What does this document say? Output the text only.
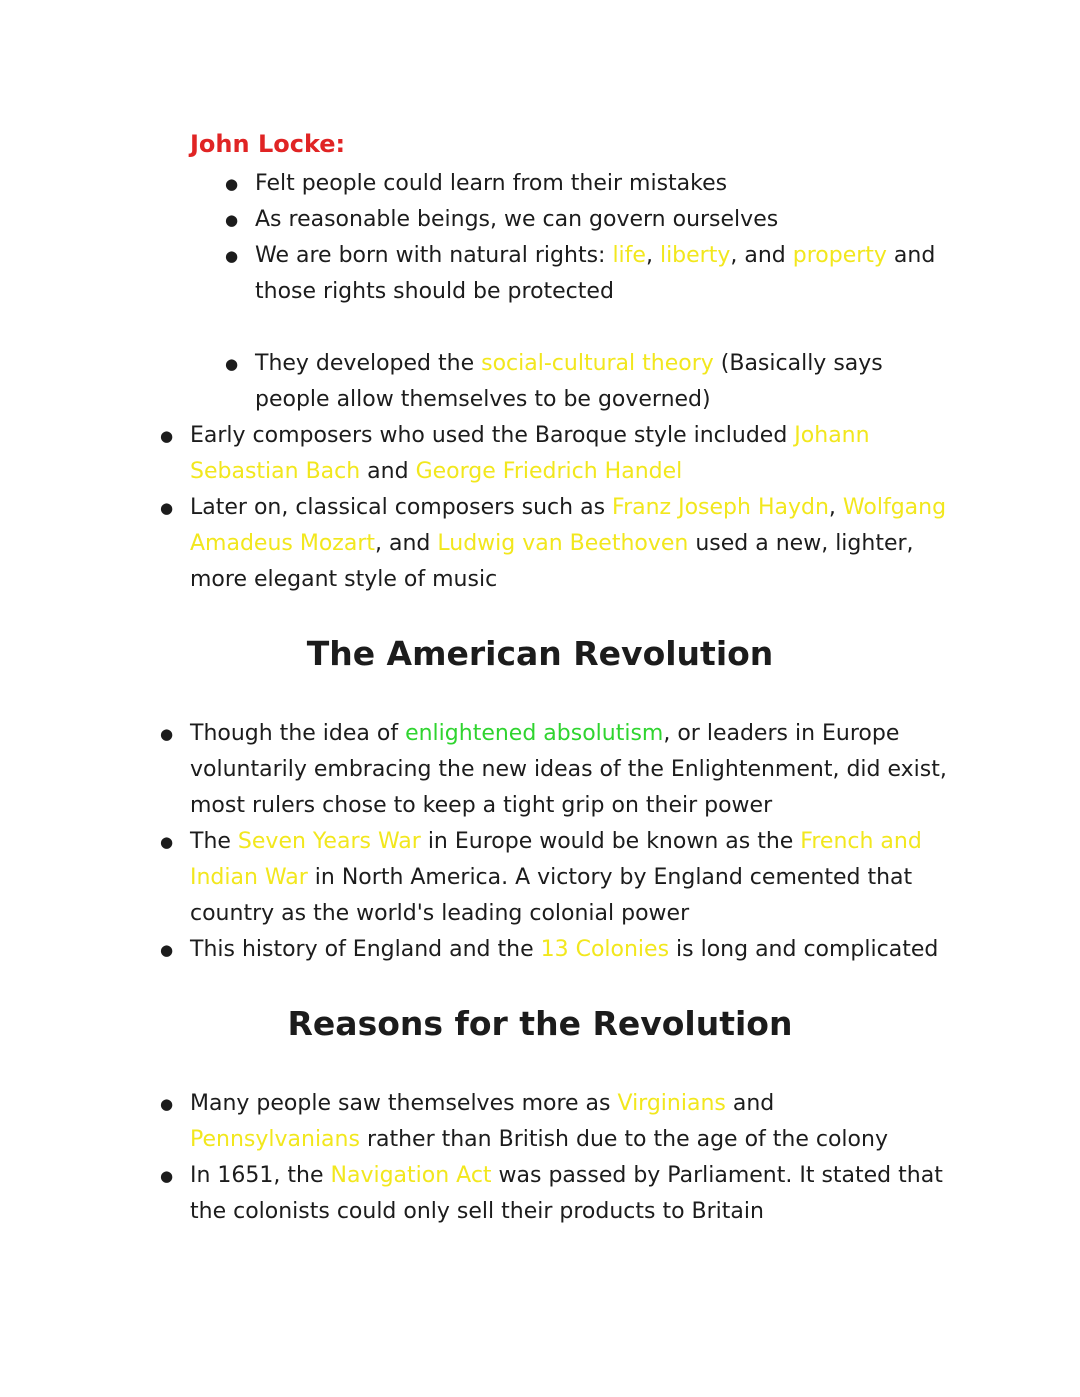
John Locke:
● Felt people could learn from their mistakes
● As reasonable beings, we can govern ourselves
● We are born with natural rights: life, liberty, and property and those rights should be protected
● They developed the social-cultural theory (Basically says people allow themselves to be governed)
● Early composers who used the Baroque style included Johann Sebastian Bach and George Friedrich Handel
● Later on, classical composers such as Franz Joseph Haydn, Wolfgang Amadeus Mozart, and Ludwig van Beethoven used a new, lighter, more elegant style of music
The American Revolution
● Though the idea of enlightened absolutism, or leaders in Europe voluntarily embracing the new ideas of the Enlightenment, did exist, most rulers chose to keep a tight grip on their power
● The Seven Years War in Europe would be known as the French and Indian War in North America. A victory by England cemented that country as the world's leading colonial power
● This history of England and the 13 Colonies is long and complicated
Reasons for the Revolution
● Many people saw themselves more as Virginians and Pennsylvanians rather than British due to the age of the colony
● In 1651, the Navigation Act was passed by Parliament. It stated that the colonists could only sell their products to Britain
